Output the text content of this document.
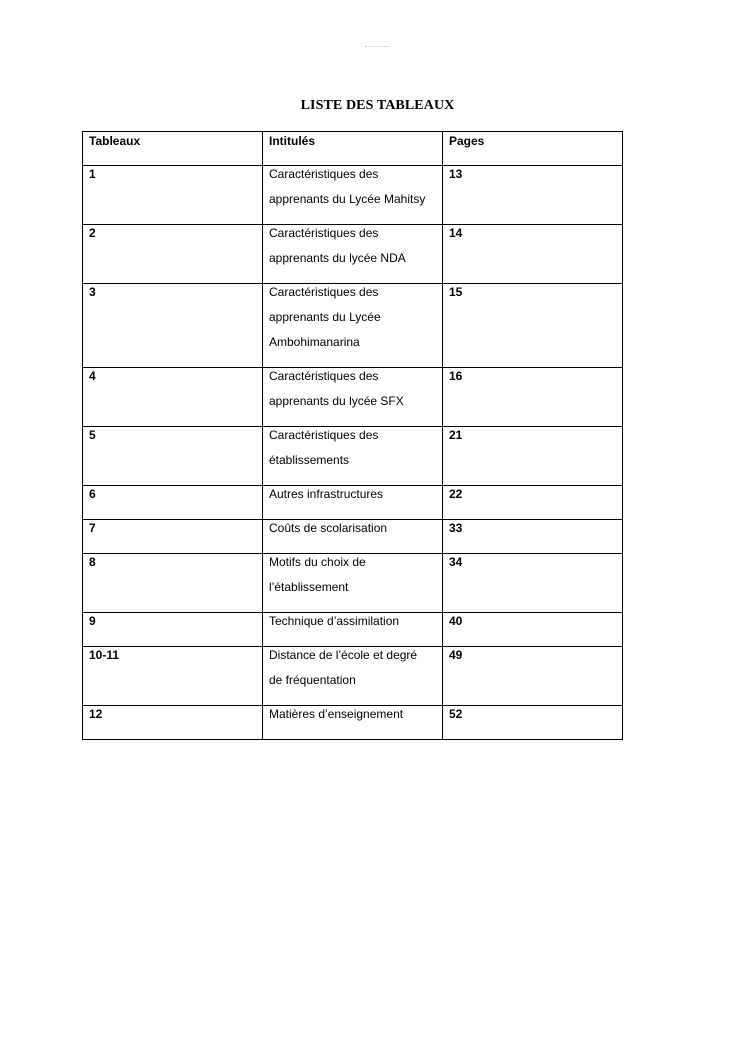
LISTE DES TABLEAUX
Tableaux	Intitulés	Pages

1	Caractéristiques des
apprenants du Lycée Mahitsy	13

2	Caractéristiques des
apprenants du lycée NDA	14

3	Caractéristiques des
apprenants du Lycée
Ambohimanarina	15

4	Caractéristiques des
apprenants du lycée SFX	16

5	Caractéristiques des
établissements	21

6	Autres infrastructures	22

7	Coûts de scolarisation	33

8	Motifs du choix de
l’établissement	34

9	Technique d’assimilation	40

10-11	Distance de l’école et degré
de fréquentation	49

12	Matières d’enseignement	52
